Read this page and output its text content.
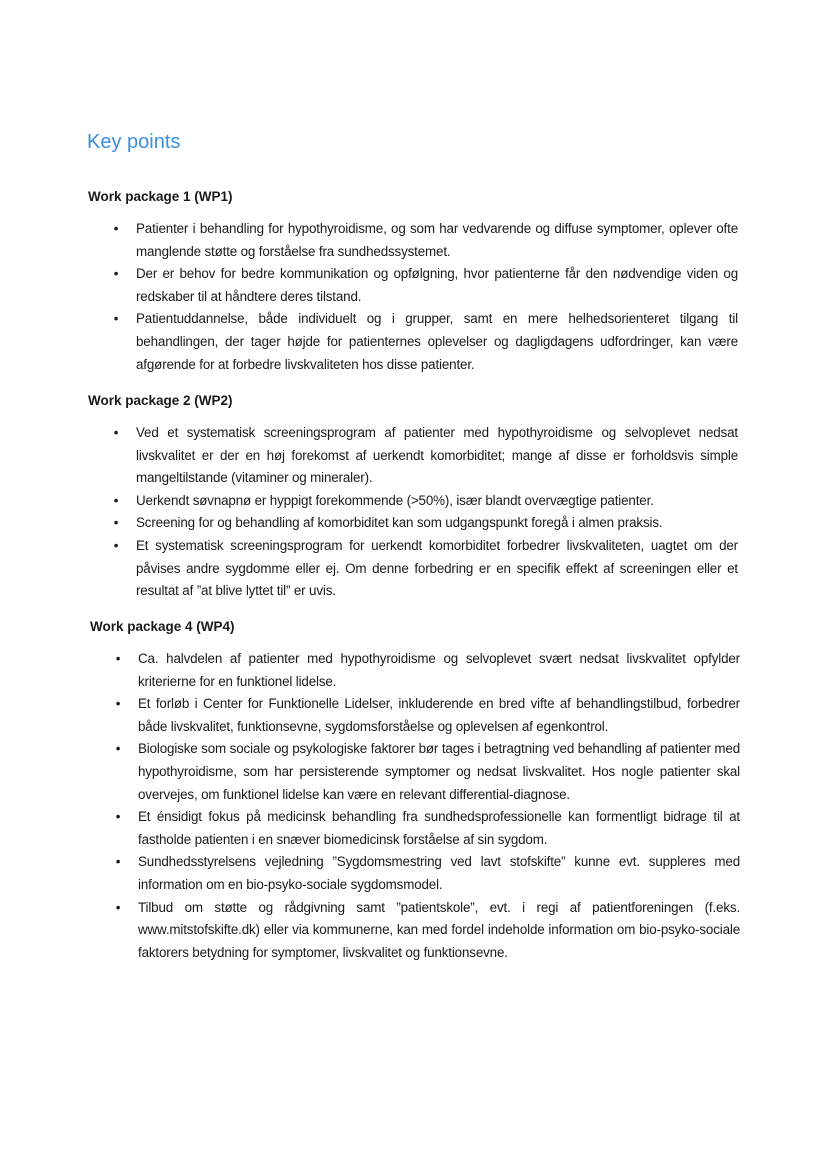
Key points
Work package 1 (WP1)
• Patienter i behandling for hypothyroidisme, og som har vedvarende og diffuse symptomer, oplever ofte manglende støtte og forståelse fra sundhedssystemet.
• Der er behov for bedre kommunikation og opfølgning, hvor patienterne får den nødvendige viden og redskaber til at håndtere deres tilstand.
• Patientuddannelse, både individuelt og i grupper, samt en mere helhedsorienteret tilgang til behandlingen, der tager højde for patienternes oplevelser og dagligdagens udfordringer, kan være afgørende for at forbedre livskvaliteten hos disse patienter.
Work package 2 (WP2)
• Ved et systematisk screeningsprogram af patienter med hypothyroidisme og selvoplevet nedsat livskvalitet er der en høj forekomst af uerkendt komorbiditet; mange af disse er forholdsvis simple mangeltilstande (vitaminer og mineraler).
• Uerkendt søvnapnø er hyppigt forekommende (>50%), især blandt overvægtige patienter.
• Screening for og behandling af komorbiditet kan som udgangspunkt foregå i almen praksis.
• Et systematisk screeningsprogram for uerkendt komorbiditet forbedrer livskvaliteten, uagtet om der påvises andre sygdomme eller ej. Om denne forbedring er en specifik effekt af screeningen eller et resultat af ”at blive lyttet til” er uvis.
Work package 4 (WP4)
• Ca. halvdelen af patienter med hypothyroidisme og selvoplevet svært nedsat livskvalitet opfylder kriterierne for en funktionel lidelse.
• Et forløb i Center for Funktionelle Lidelser, inkluderende en bred vifte af behandlingstilbud, forbedrer både livskvalitet, funktionsevne, sygdomsforståelse og oplevelsen af egenkontrol.
• Biologiske som sociale og psykologiske faktorer bør tages i betragtning ved behandling af patienter med hypothyroidisme, som har persisterende symptomer og nedsat livskvalitet. Hos nogle patienter skal overvejes, om funktionel lidelse kan være en relevant differential-diagnose.
• Et énsidigt fokus på medicinsk behandling fra sundhedsprofessionelle kan formentligt bidrage til at fastholde patienten i en snæver biomedicinsk forståelse af sin sygdom.
• Sundhedsstyrelsens vejledning ”Sygdomsmestring ved lavt stofskifte” kunne evt. suppleres med information om en bio-psyko-sociale sygdomsmodel.
• Tilbud om støtte og rådgivning samt ”patientskole”, evt. i regi af patientforeningen (f.eks. www.mitstofskifte.dk) eller via kommunerne, kan med fordel indeholde information om bio-psyko-sociale faktorers betydning for symptomer, livskvalitet og funktionsevne.
